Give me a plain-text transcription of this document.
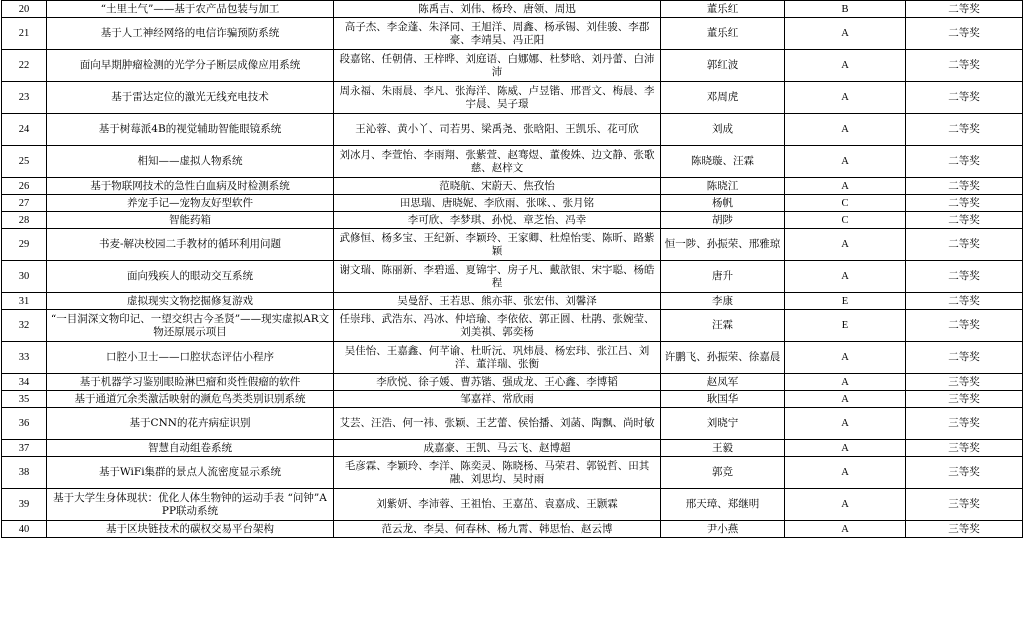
20	“土里土气”——基于农产品包装与加工	陈禹吉、刘伟、杨玲、唐领、周迅	董乐红	B	二等奖
21	基于人工神经网络的电信诈骗预防系统	高子杰、李金蓬、朱泽同、王旭洋、周鑫、杨承锡、刘佳骏、李郡豪、李靖昊、冯正阳	董乐红	A	二等奖
22	面向早期肿瘤检测的光学分子断层成像应用系统	段嘉铭、任朝倩、王梓晔、刘庭语、白娜娜、杜梦晗、刘丹蕾、白沛沛	郭红波	A	二等奖
23	基于雷达定位的激光无线充电技术	周永福、朱雨晨、李凡、张海洋、陈威、卢昱锴、邢晋文、梅晨、李宇晨、吴子璟	邓周虎	A	二等奖
24	基于树莓派4B的视觉辅助智能眼镜系统	王沁蓉、黄小丫、司若男、梁禹尧、张晗阳、王凯乐、花可欣	刘成	A	二等奖
25	相知——虚拟人物系统	刘冰月、李萱怡、李雨翔、张紫萱、赵骞煜、董俊姝、边文静、张歌慈、赵梓文	陈晓璇、汪霖	A	二等奖
26	基于物联网技术的急性白血病及时检测系统	范晓航、宋蔚天、焦孜怡	陈晓江	A	二等奖
27	养宠手记—宠物友好型软件	田思瑞、唐晓妮、李欣雨、张咪、、张月铭	杨帆	C	二等奖
28	智能药箱	李可欣、李梦琪、孙悦、章芝怡、冯幸	胡陟	C	二等奖
29	书麦-解决校园二手教材的循环利用问题	武修恒、杨多宝、王纪新、李颖玲、王家卿、杜煌怡雯、陈昕、路紫颖	恒一陟、孙振荣、邢雅琼	A	二等奖
30	面向残疾人的眼动交互系统	谢文瑞、陈丽新、李碧遥、夏锦宇、房子凡、戴歆银、宋宇聪、杨皓程	唐升	A	二等奖
31	虚拟现实文物挖掘修复游戏	吴曼舒、王若思、熊亦菲、张宏伟、刘馨泽	李康	E	二等奖
32	“一目洞深文物印记、一望交织古今圣贤”——现实虚拟AR文物还原展示项目	任崇玮、武浩东、冯冰、仲培瑜、李依依、郭正圆、杜鹃、张婉莹、刘美祺、郭奕杨	汪霖	E	二等奖
33	口腔小卫士——口腔状态评估小程序	吴佳怡、王嘉鑫、何芊谕、杜昕沅、巩炜晨、杨宏玮、张江吕、刘洋、董洋瑞、张衡	许鹏飞、孙振荣、徐嘉晨	A	二等奖
34	基于机器学习鉴别眼睑淋巴瘤和炎性假瘤的软件	李欣悦、徐子媛、曹苏锴、强成龙、王心鑫、李博韬	赵凤军	A	三等奖
35	基于通道冗余类激活映射的濒危鸟类类别识别系统	邹嘉祥、常欣雨	耿国华	A	三等奖
36	基于CNN的花卉病症识别	艾芸、汪浩、何一祎、张颖、王艺蕾、侯怡播、刘菡、陶飘、尚时敏	刘晓宁	A	三等奖
37	智慧自动组卷系统	成嘉豪、王凯、马云飞、赵博超	王毅	A	三等奖
38	基于WiFi集群的景点人流密度显示系统	毛彦霖、李颖玲、李洋、陈奕灵、陈晓杨、马荣君、郭锐哲、田其融、刘思均、吴时雨	郭竞	A	三等奖
39	基于大学生身体现状：优化人体生物钟的运动手表 “问钟”APP联动系统	刘紫妍、李沛蓉、王祖怡、王嘉茁、袁嘉成、王颢霖	邢天璋、郑继明	A	三等奖
40	基于区块链技术的碳权交易平台架构	范云龙、李昊、何春林、杨九霄、韩思怡、赵云博	尹小燕	A	三等奖
